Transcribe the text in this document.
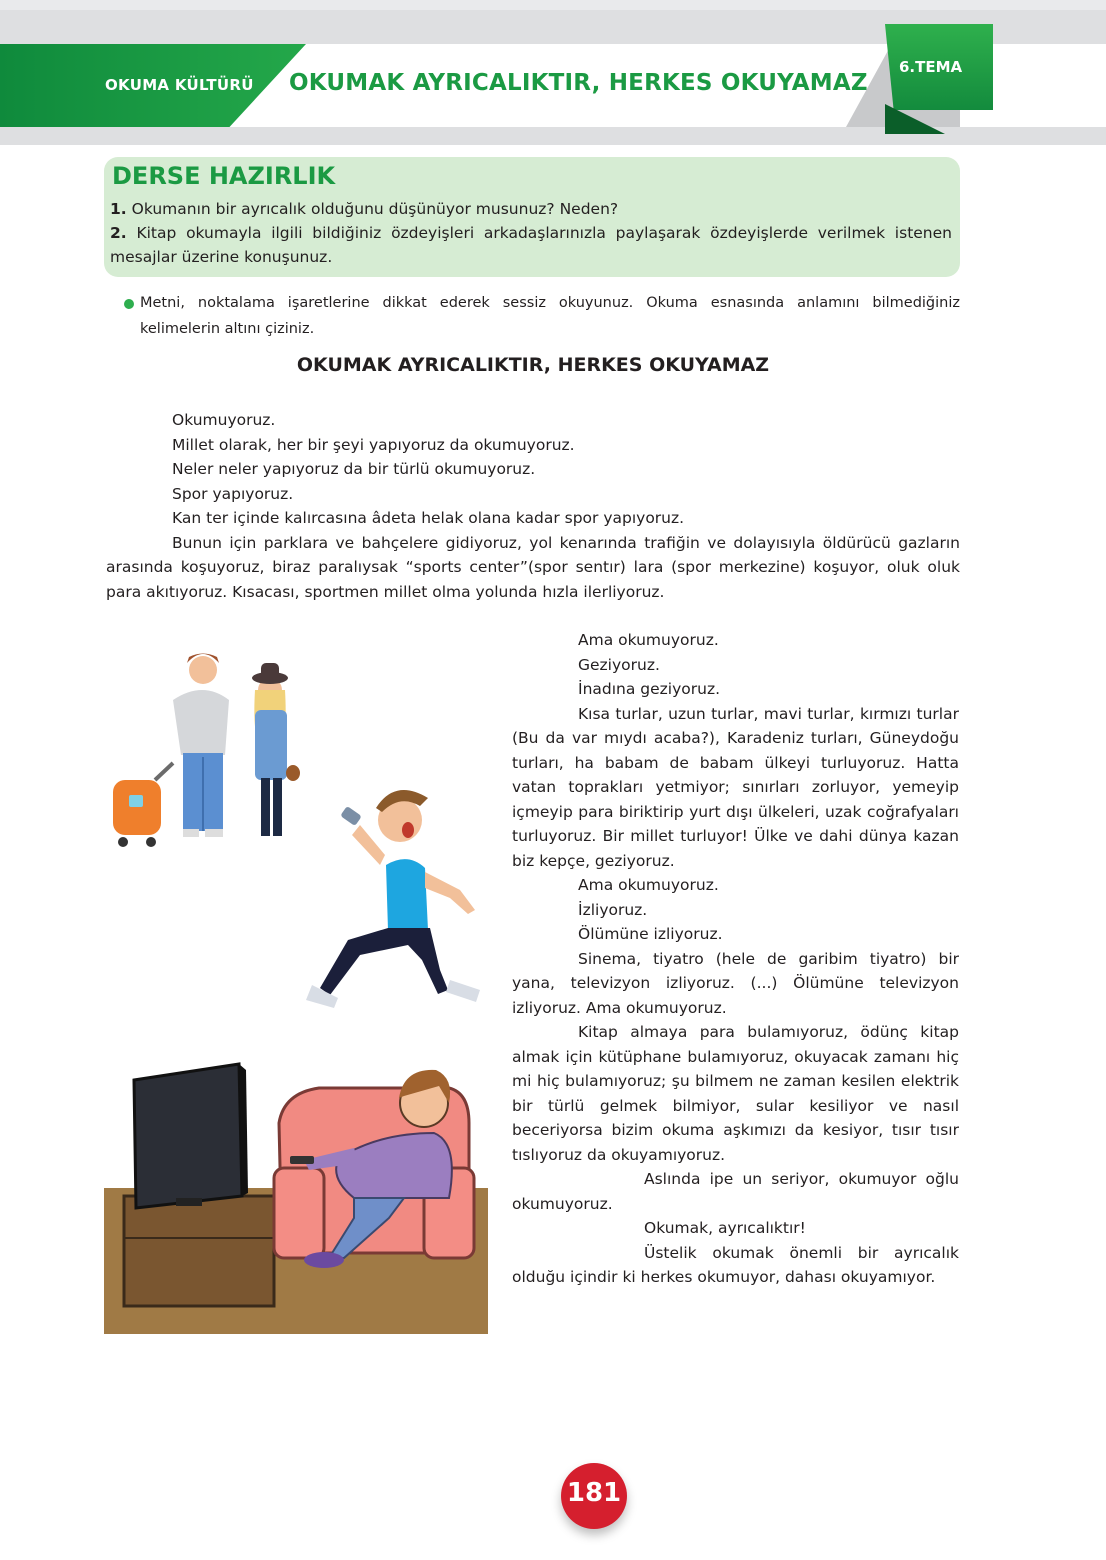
OKUMA KÜLTÜRÜ OKUMAK AYRICALIKTIR, HERKES OKUYAMAZ
6.TEMA
DERSE HAZIRLIK
1. Okumanın bir ayrıcalık olduğunu düşünüyor musunuz? Neden?
2. Kitap okumayla ilgili bildiğiniz özdeyişleri arkadaşlarınızla paylaşarak özdeyişlerde verilmek istenen mesajlar üzerine konuşunuz.
Metni, noktalama işaretlerine dikkat ederek sessiz okuyunuz. Okuma esnasında anlamını bilmediğiniz kelimelerin altını çiziniz.
OKUMAK AYRICALIKTIR, HERKES OKUYAMAZ
Okumuyoruz.
Millet olarak, her bir şeyi yapıyoruz da okumuyoruz.
Neler neler yapıyoruz da bir türlü okumuyoruz.
Spor yapıyoruz.
Kan ter içinde kalırcasına âdeta helak olana kadar spor yapıyoruz.
Bunun için parklara ve bahçelere gidiyoruz, yol kenarında trafiğin ve dolayısıyla öldürücü gazların arasında koşuyoruz, biraz paralıysak “sports center”(spor sentır) lara (spor merkezine) koşuyor, oluk oluk para akıtıyoruz. Kısacası, sportmen millet olma yolunda hızla ilerliyoruz.
Ama okumuyoruz.
Geziyoruz.
İnadına geziyoruz.
Kısa turlar, uzun turlar, mavi turlar, kırmızı turlar (Bu da var mıydı acaba?), Karadeniz turları, Güneydoğu turları, ha babam de babam ülkeyi turluyoruz. Hatta vatan toprakları yetmiyor; sınırları zorluyor, yemeyip içmeyip para biriktirip yurt dışı ülkeleri, uzak coğrafyaları turluyoruz. Bir millet turluyor! Ülke ve dahi dünya kazan biz kepçe, geziyoruz.
Ama okumuyoruz.
İzliyoruz.
Ölümüne izliyoruz.
Sinema, tiyatro (hele de garibim tiyatro) bir yana, televizyon izliyoruz. (...) Ölümüne televizyon izliyoruz. Ama okumuyoruz.
Kitap almaya para bulamıyoruz, ödünç kitap almak için kütüphane bulamıyoruz, okuyacak zamanı hiç mi hiç bulamıyoruz; şu bilmem ne zaman kesilen elektrik bir türlü gelmek bilmiyor, sular kesiliyor ve nasıl beceriyorsa bizim okuma aşkımızı da kesiyor, tısır tısır tıslıyoruz da okuyamıyoruz.
Aslında ipe un seriyor, okumuyor oğlu okumuyoruz.
Okumak, ayrıcalıktır!
Üstelik okumak önemli bir ayrıcalık olduğu içindir ki herkes okumuyor, dahası okuyamıyor.
181
